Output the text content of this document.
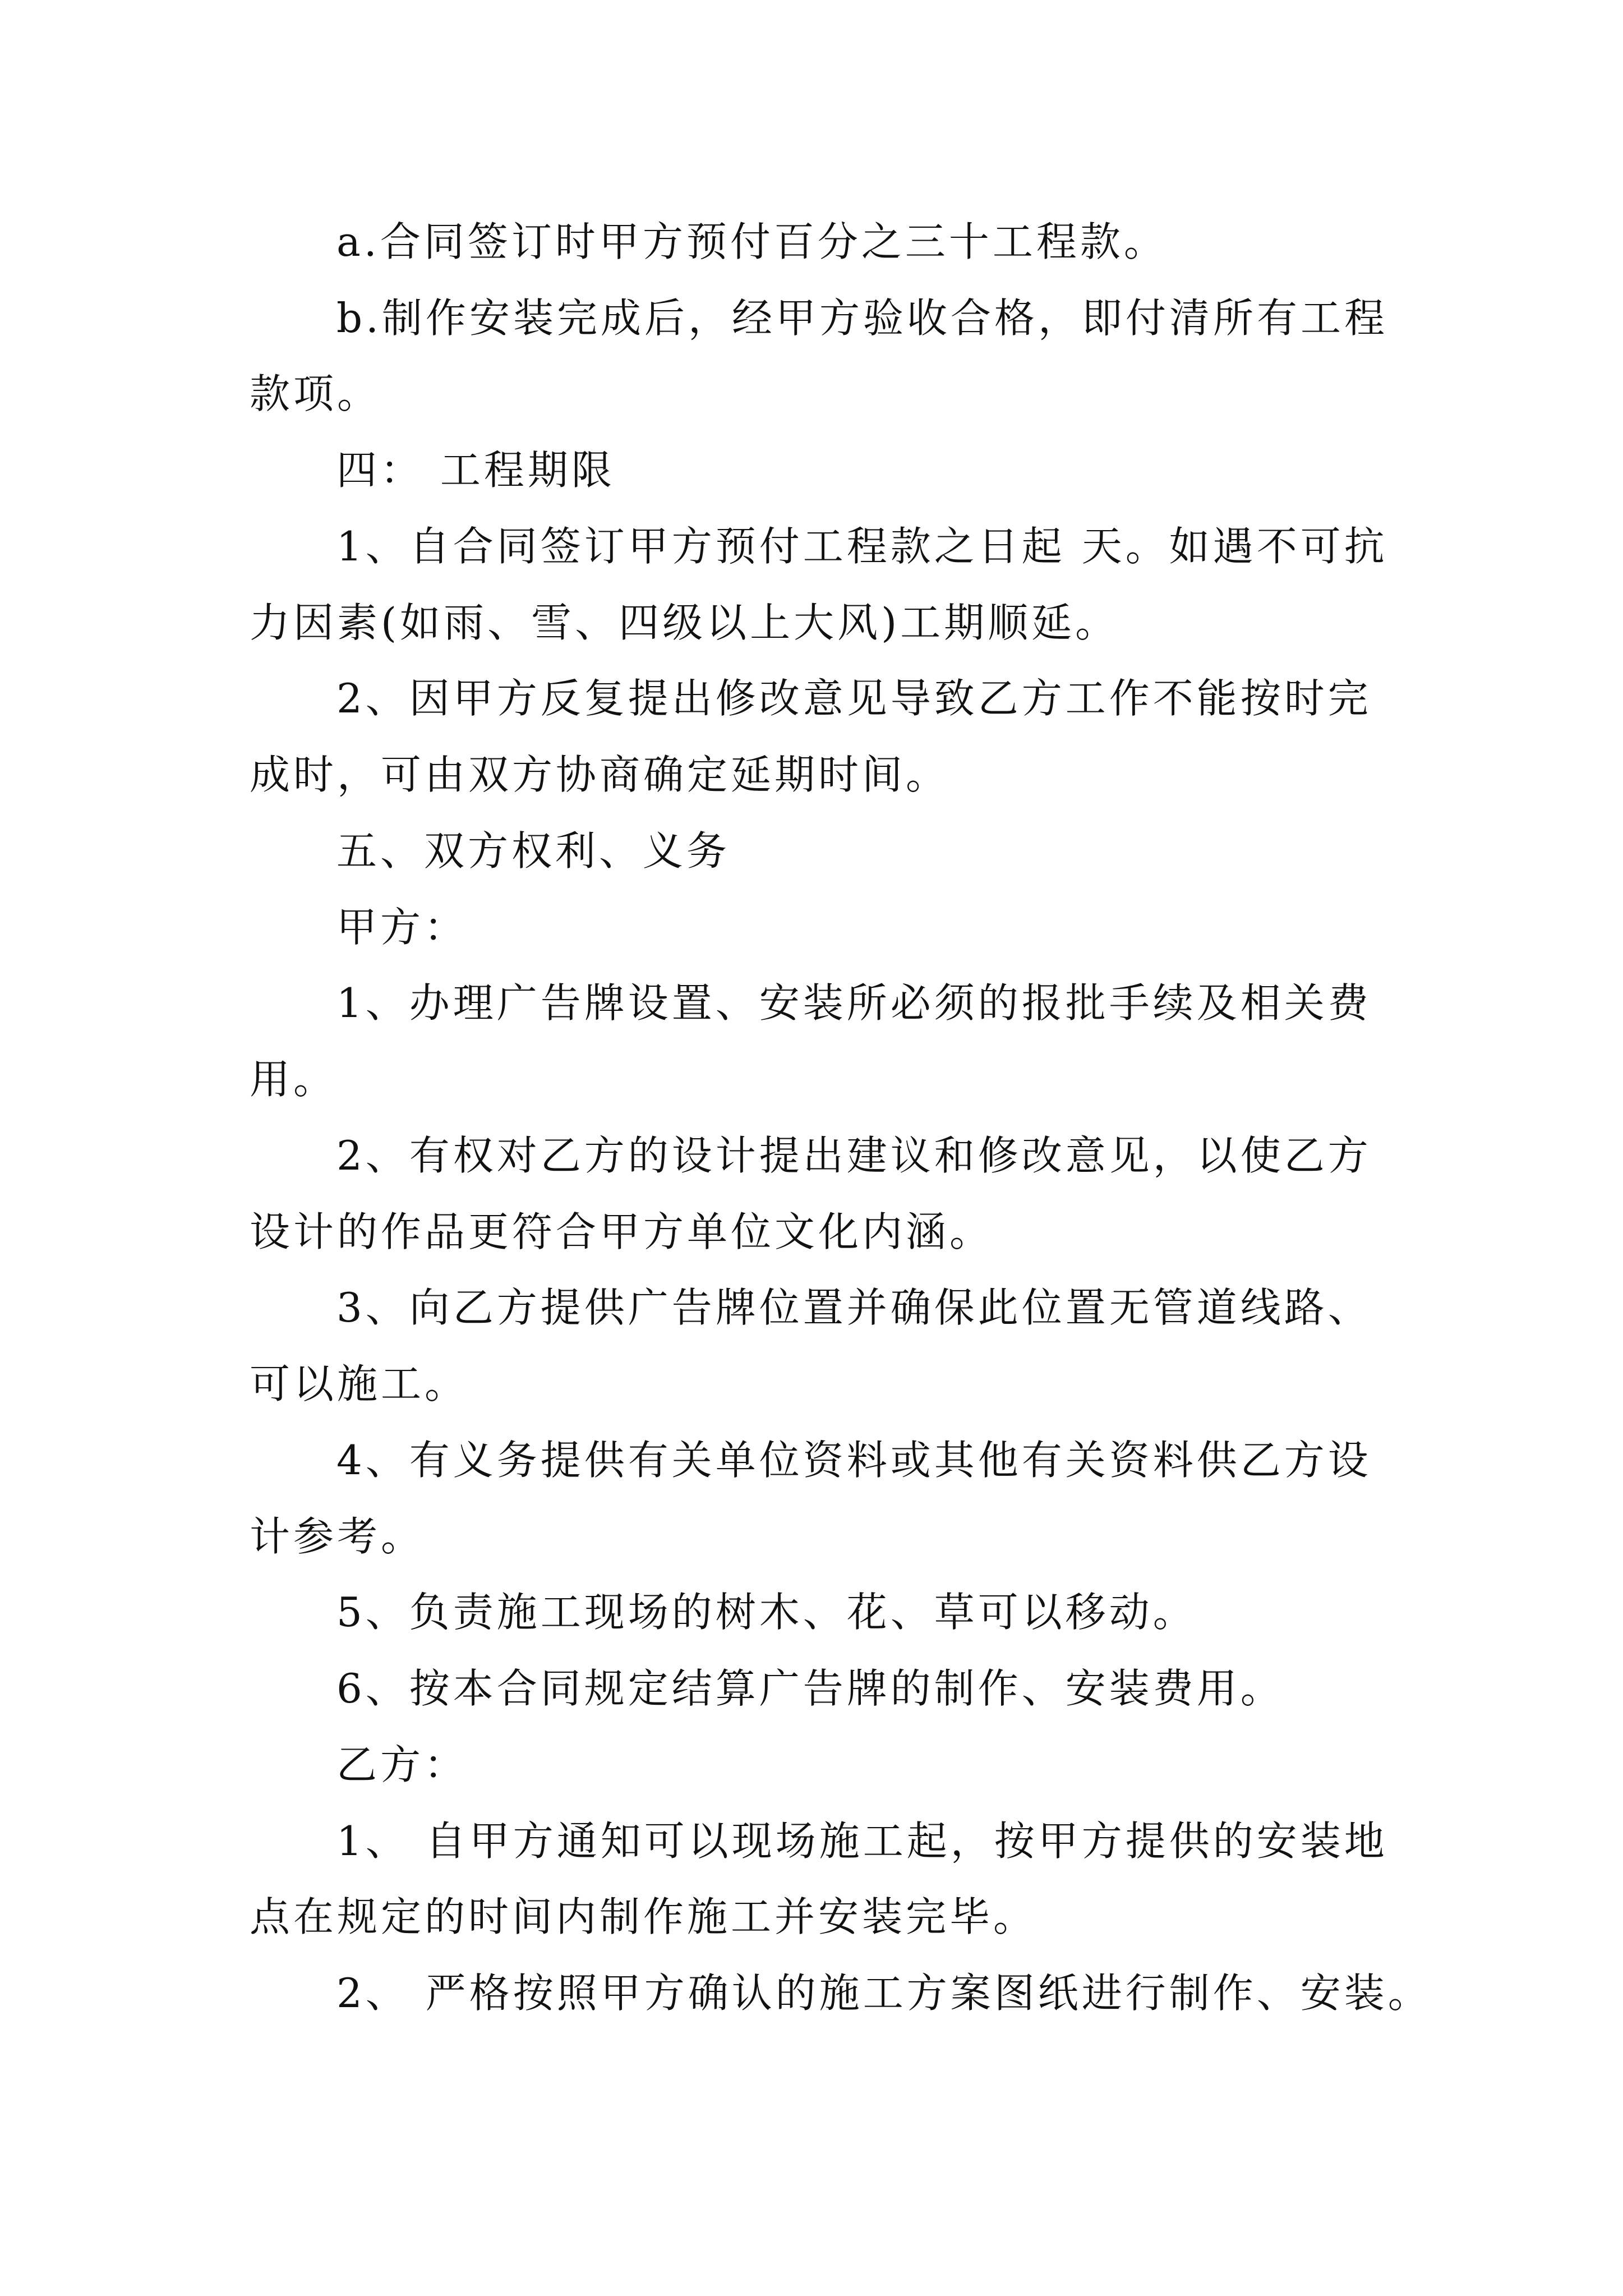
a.合同签订时甲方预付百分之三十工程款。
b.制作安装完成后，经甲方验收合格，即付清所有工程
款项。
四： 工程期限
1、自合同签订甲方预付工程款之日起 天。如遇不可抗
力因素(如雨、雪、四级以上大风)工期顺延。
2、因甲方反复提出修改意见导致乙方工作不能按时完
成时，可由双方协商确定延期时间。
五、双方权利、义务
甲方：
1、办理广告牌设置、安装所必须的报批手续及相关费
用。
2、有权对乙方的设计提出建议和修改意见，以使乙方
设计的作品更符合甲方单位文化内涵。
3、向乙方提供广告牌位置并确保此位置无管道线路、
可以施工。
4、有义务提供有关单位资料或其他有关资料供乙方设
计参考。
5、负责施工现场的树木、花、草可以移动。
6、按本合同规定结算广告牌的制作、安装费用。
乙方：
1、 自甲方通知可以现场施工起，按甲方提供的安装地
点在规定的时间内制作施工并安装完毕。
2、 严格按照甲方确认的施工方案图纸进行制作、安装。
